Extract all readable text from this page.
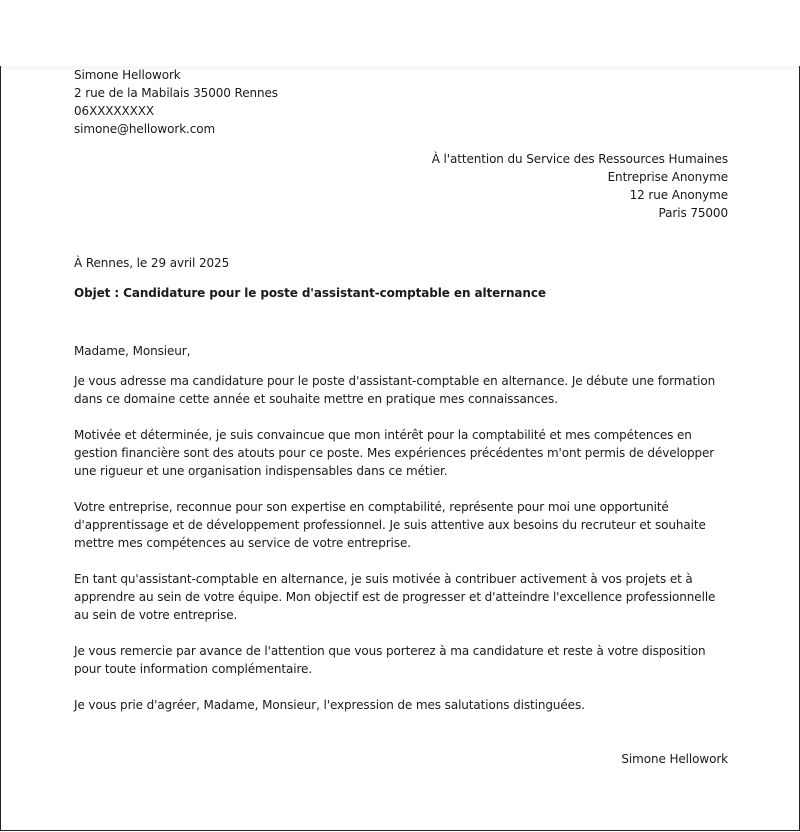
Simone Hellowork
2 rue de la Mabilais 35000 Rennes
06XXXXXXXX
simone@hellowork.com
À l'attention du Service des Ressources Humaines
Entreprise Anonyme
12 rue Anonyme
Paris 75000
À Rennes, le 29 avril 2025
Objet : Candidature pour le poste d'assistant-comptable en alternance
Madame, Monsieur,
Je vous adresse ma candidature pour le poste d'assistant-comptable en alternance. Je débute une formation dans ce domaine cette année et souhaite mettre en pratique mes connaissances.
Motivée et déterminée, je suis convaincue que mon intérêt pour la comptabilité et mes compétences en gestion financière sont des atouts pour ce poste. Mes expériences précédentes m'ont permis de développer une rigueur et une organisation indispensables dans ce métier.
Votre entreprise, reconnue pour son expertise en comptabilité, représente pour moi une opportunité d'apprentissage et de développement professionnel. Je suis attentive aux besoins du recruteur et souhaite mettre mes compétences au service de votre entreprise.
En tant qu'assistant-comptable en alternance, je suis motivée à contribuer activement à vos projets et à apprendre au sein de votre équipe. Mon objectif est de progresser et d'atteindre l'excellence professionnelle au sein de votre entreprise.
Je vous remercie par avance de l'attention que vous porterez à ma candidature et reste à votre disposition pour toute information complémentaire.
Je vous prie d'agréer, Madame, Monsieur, l'expression de mes salutations distinguées.
Simone Hellowork
